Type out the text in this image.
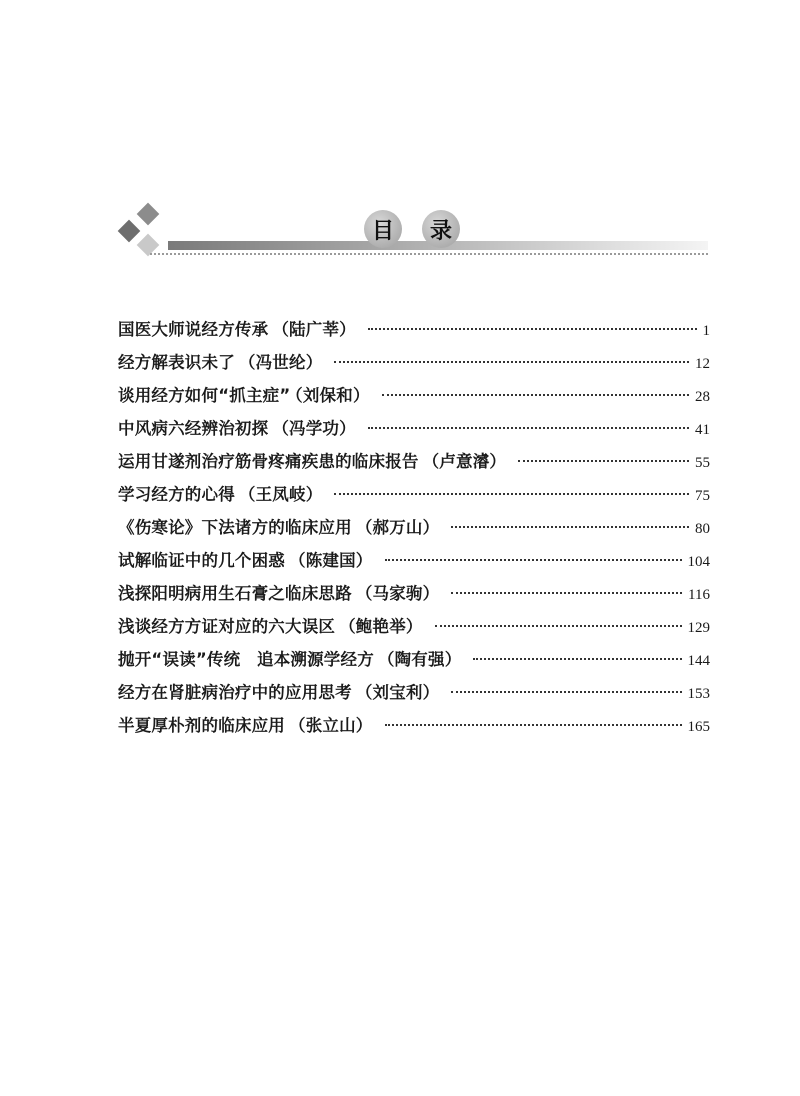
目	录
国医大师说经方传承 （陆广莘）	1
经方解表识未了 （冯世纶）	12
谈用经方如何“抓主症” （刘保和）	28
中风病六经辨治初探 （冯学功）	41
运用甘遂剂治疗筋骨疼痛疾患的临床报告 （卢意濬）	55
学习经方的心得 （王凤岐）	75
《伤寒论》下法诸方的临床应用 （郝万山）	80
试解临证中的几个困惑 （陈建国）	104
浅探阳明病用生石膏之临床思路 （马家驹）	116
浅谈经方方证对应的六大误区 （鲍艳举）	129
抛开“误读”传统　追本溯源学经方 （陶有强）	144
经方在肾脏病治疗中的应用思考 （刘宝利）	153
半夏厚朴剂的临床应用 （张立山）	165
